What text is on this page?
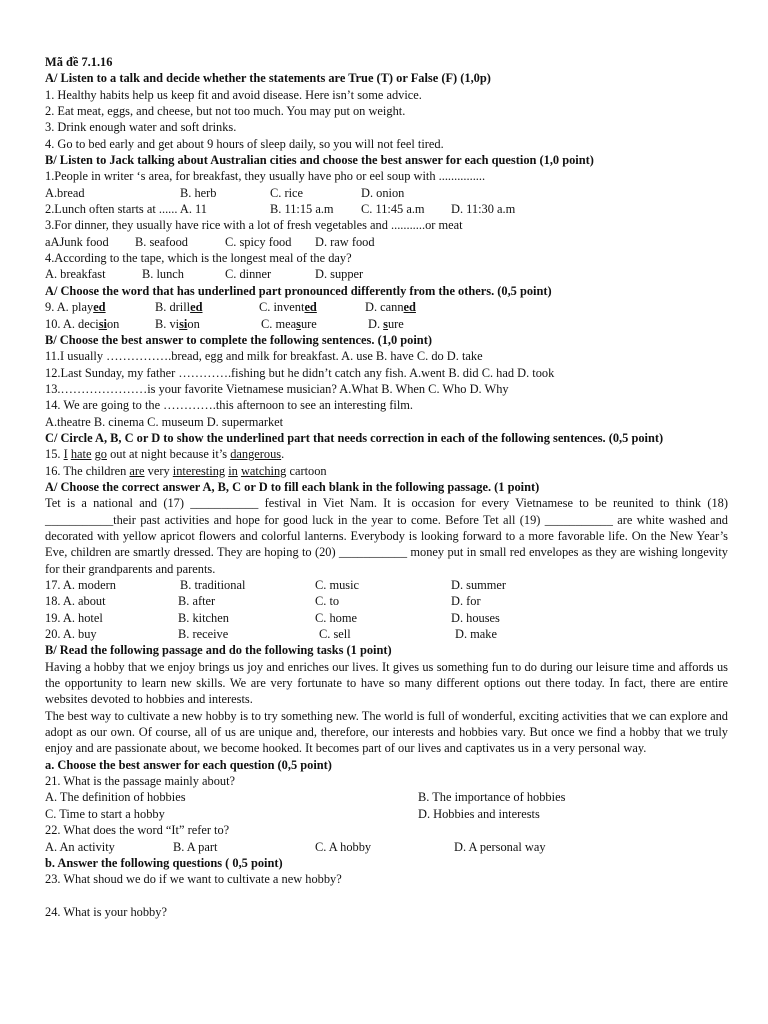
Mã đề 7.1.16
A/ Listen to a talk and decide whether the statements are True (T) or False (F) (1,0p)
1. Healthy habits help us keep fit and avoid disease. Here isn’t some advice.
2. Eat meat, eggs, and cheese, but not too much. You may put on weight.
3. Drink enough water and soft drinks.
4. Go to bed early and get about 9 hours of sleep daily, so you will not feel tired.
B/ Listen to Jack talking about Australian cities and choose the best answer for each question (1,0 point)
1.People in writer ‘s area, for breakfast, they usually have pho or eel soup with ...............

A.bread

	B. herb

	C. rice

	D. onion

2.Lunch often starts at ...... A. 11

	B. 11:15 a.m

C. 11:45 a.m

D. 11:30 a.m

3.For dinner, they usually have rice with a lot of fresh vegetables and ...........or meat

aAJunk food

B. seafood

	C. spicy food

D. raw food

4.According to the tape, which is the longest meal of the day?

A. breakfast

	B. lunch

	C. dinner

	D. supper

A/ Choose the word that has underlined part pronounced differently from the others. (0,5 point)

9. A. played

	B. drilled

	C. invented

	D. canned

10. A. decision

	B. vision

	C. measure

	D. sure

B/ Choose the best answer to complete the following sentences. (1,0 point)
11.I usually …………….bread, egg and milk for breakfast. A. use B. have C. do D. take
12.Last Sunday, my father ………….fishing but he didn’t catch any fish. A.went B. did C. had D. took
13.…………………is your favorite Vietnamese musician? A.What B. When C. Who D. Why
14. We are going to the ………….this afternoon to see an interesting film.
A.theatre B. cinema C. museum D. supermarket
C/ Circle A, B, C or D to show the underlined part that needs correction in each of the following sentences. (0,5 point)
15. I hate go out at night because it’s dangerous.
16. The children are very interesting in watching cartoon
A/ Choose the correct answer A, B, C or D to fill each blank in the following passage. (1 point)
Tet is a national and (17) ___________ festival in Viet Nam. It is occasion for every Vietnamese to be reunited to think (18) ___________their past activities and hope for good luck in the year to come. Before Tet all (19) ___________ are white washed and decorated with yellow apricot flowers and colorful lanterns. Everybody is looking forward to a more favorable life. On the New Year’s Eve, children are smartly dressed. They are hoping to (20) ___________ money put in small red envelopes as they are wishing longevity for their grandparents and parents.

17. A. modern

	B. traditional

	C. music

	D. summer

18. A. about

	B. after

	C. to

	D. for

19. A. hotel

	B. kitchen

	C. home

	D. houses

20. A. buy

	B. receive

	C. sell

	D. make

B/ Read the following passage and do the following tasks (1 point)
Having a hobby that we enjoy brings us joy and enriches our lives. It gives us something fun to do during our leisure time and affords us the opportunity to learn new skills. We are very fortunate to have so many different options out there today. In fact, there are entire websites devoted to hobbies and interests.
The best way to cultivate a new hobby is to try something new. The world is full of wonderful, exciting activities that we can explore and adopt as our own. Of course, all of us are unique and, therefore, our interests and hobbies vary. But once we find a hobby that we truly enjoy and are passionate about, we become hooked. It becomes part of our lives and captivates us in a very personal way.
a. Choose the best answer for each question (0,5 point)
21. What is the passage mainly about?

A. The definition of hobbies

	B. The importance of hobbies

C. Time to start a hobby

	D. Hobbies and interests

22. What does the word “It” refer to?

A. An activity

	B. A part

	C. A hobby

	D. A personal way

b. Answer the following questions ( 0,5 point)
23. What shoud we do if we want to cultivate a new hobby?
24. What is your hobby?
